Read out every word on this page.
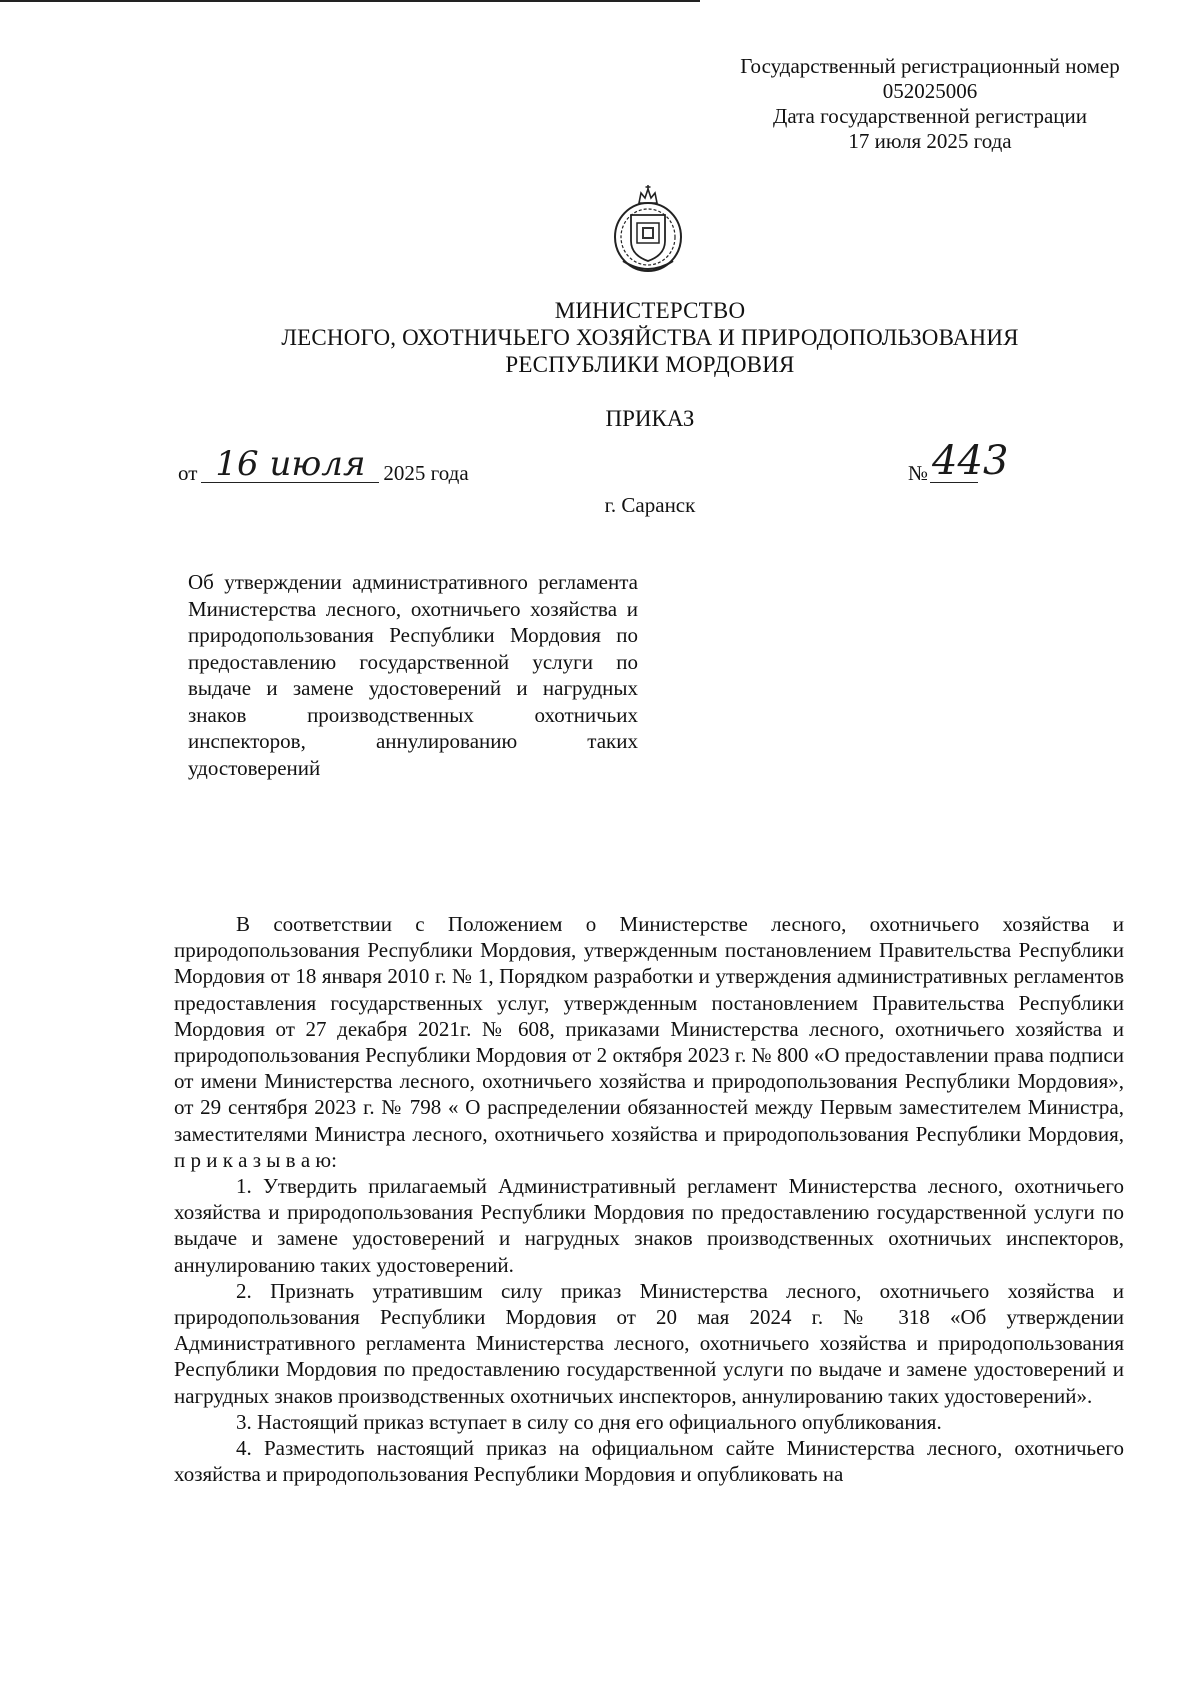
Государственный регистрационный номер
052025006
Дата государственной регистрации
17 июля 2025 года
МИНИСТЕРСТВО
ЛЕСНОГО, ОХОТНИЧЬЕГО ХОЗЯЙСТВА И ПРИРОДОПОЛЬЗОВАНИЯ
РЕСПУБЛИКИ МОРДОВИЯ
ПРИКАЗ
от 16 июля 2025 года	№ 443
г. Саранск
Об утверждении административного регламента Министерства лесного, охотничьего хозяйства и природопользования Республики Мордовия по предоставлению государственной услуги по выдаче и замене удостоверений и нагрудных знаков производственных охотничьих инспекторов, аннулированию таких удостоверений

В соответствии с Положением о Министерстве лесного, охотничьего хозяйства и природопользования Республики Мордовия, утвержденным постановлением Правительства Республики Мордовия от 18 января 2010 г. № 1, Порядком разработки и утверждения административных регламентов предоставления государственных услуг, утвержденным постановлением Правительства Республики Мордовия от 27 декабря 2021г. № 608, приказами Министерства лесного, охотничьего хозяйства и природопользования Республики Мордовия от 2 октября 2023 г. № 800 «О предоставлении права подписи от имени Министерства лесного, охотничьего хозяйства и природопользования Республики Мордовия», от 29 сентября 2023 г. № 798 « О распределении обязанностей между Первым заместителем Министра, заместителями Министра лесного, охотничьего хозяйства и природопользования Республики Мордовия, п р и к а з ы в а ю:

1. Утвердить прилагаемый Административный регламент Министерства лесного, охотничьего хозяйства и природопользования Республики Мордовия по предоставлению государственной услуги по выдаче и замене удостоверений и нагрудных знаков производственных охотничьих инспекторов, аннулированию таких удостоверений.

2. Признать утратившим силу приказ Министерства лесного, охотничьего хозяйства и природопользования Республики Мордовия от 20 мая 2024 г. № 318 «Об утверждении Административного регламента Министерства лесного, охотничьего хозяйства и природопользования Республики Мордовия по предоставлению государственной услуги по выдаче и замене удостоверений и нагрудных знаков производственных охотничьих инспекторов, аннулированию таких удостоверений».

3. Настоящий приказ вступает в силу со дня его официального опубликования.

4. Разместить настоящий приказ на официальном сайте Министерства лесного, охотничьего хозяйства и природопользования Республики Мордовия и опубликовать на
